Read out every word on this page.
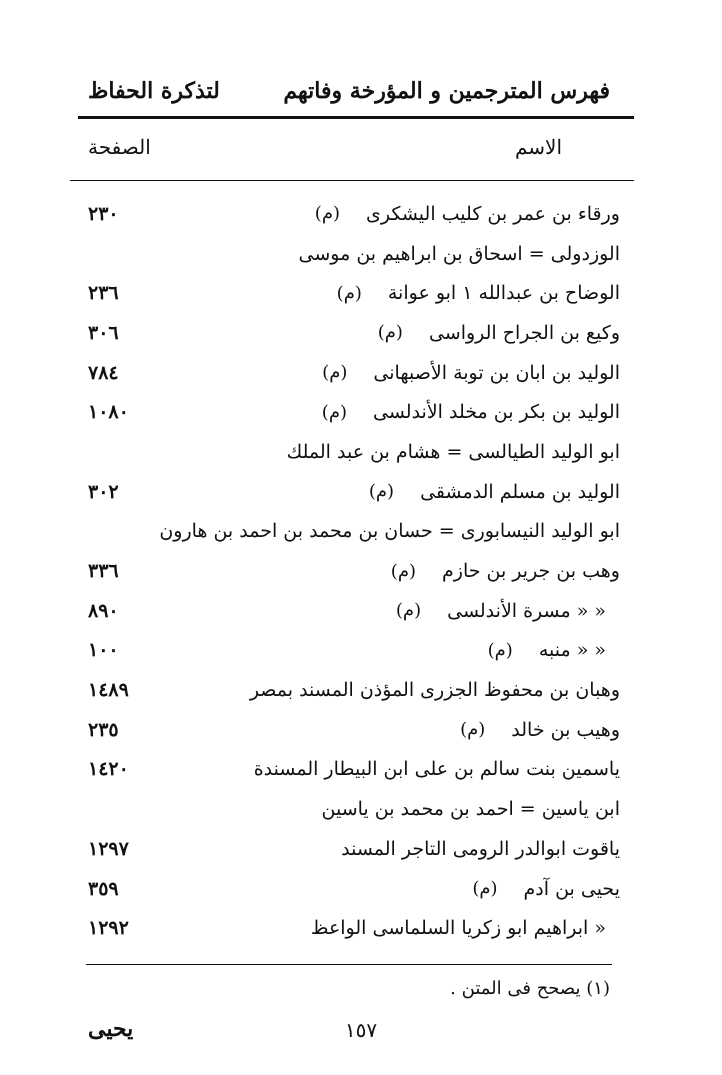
فهرس المترجمين و المؤرخة وفاتهم
لتذكرة الحفاظ
الاسم
الصفحة
ورقاء بن عمر بن كليب اليشكرى
(م)
٢٣٠
الوزدولى = اسحاق بن ابراهيم بن موسى
الوضاح بن عبدالله ١ ابو عوانة
(م)
٢٣٦
وكيع بن الجراح الرواسى
(م)
٣٠٦
الوليد بن ابان بن توبة الأصبهانى
(م)
٧٨٤
الوليد بن بكر بن مخلد الأندلسى
(م)
١٠٨٠
ابو الوليد الطيالسى = هشام بن عبد الملك
الوليد بن مسلم الدمشقى
(م)
٣٠٢
ابو الوليد النيسابورى = حسان بن محمد بن احمد بن هارون
وهب بن جرير بن حازم
(م)
٣٣٦
« « مسرة الأندلسى
(م)
٨٩٠
« « منبه
(م)
١٠٠
وهبان بن محفوظ الجزرى المؤذن المسند بمصر
١٤٨٩
وهيب بن خالد
(م)
٢٣٥
ياسمين بنت سالم بن على ابن البيطار المسندة
١٤٢٠
ابن ياسين = احمد بن محمد بن ياسين
ياقوت ابوالدر الرومى التاجر المسند
١٢٩٧
يحيى بن آدم
(م)
٣٥٩
« ابراهيم ابو زكريا السلماسى الواعظ
١٢٩٢
(١) يصحح فى المتن .
١٥٧
يحيى
